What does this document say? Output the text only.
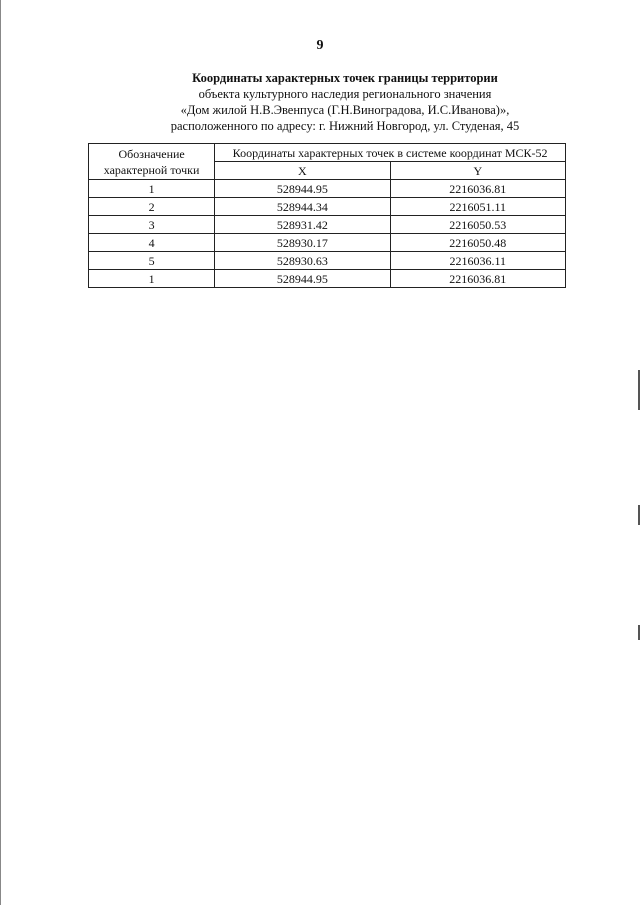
9
Координаты характерных точек границы территории
объекта культурного наследия регионального значения
«Дом жилой Н.В.Эвенпуса (Г.Н.Виноградова, И.С.Иванова)»,
расположенного по адресу: г. Нижний Новгород, ул. Студеная, 45
Обозначение характерной точки	Координаты характерных точек в системе координат МСК-52	
	X	Y
1	528944.95	2216036.81
2	528944.34	2216051.11
3	528931.42	2216050.53
4	528930.17	2216050.48
5	528930.63	2216036.11
1	528944.95	2216036.81
